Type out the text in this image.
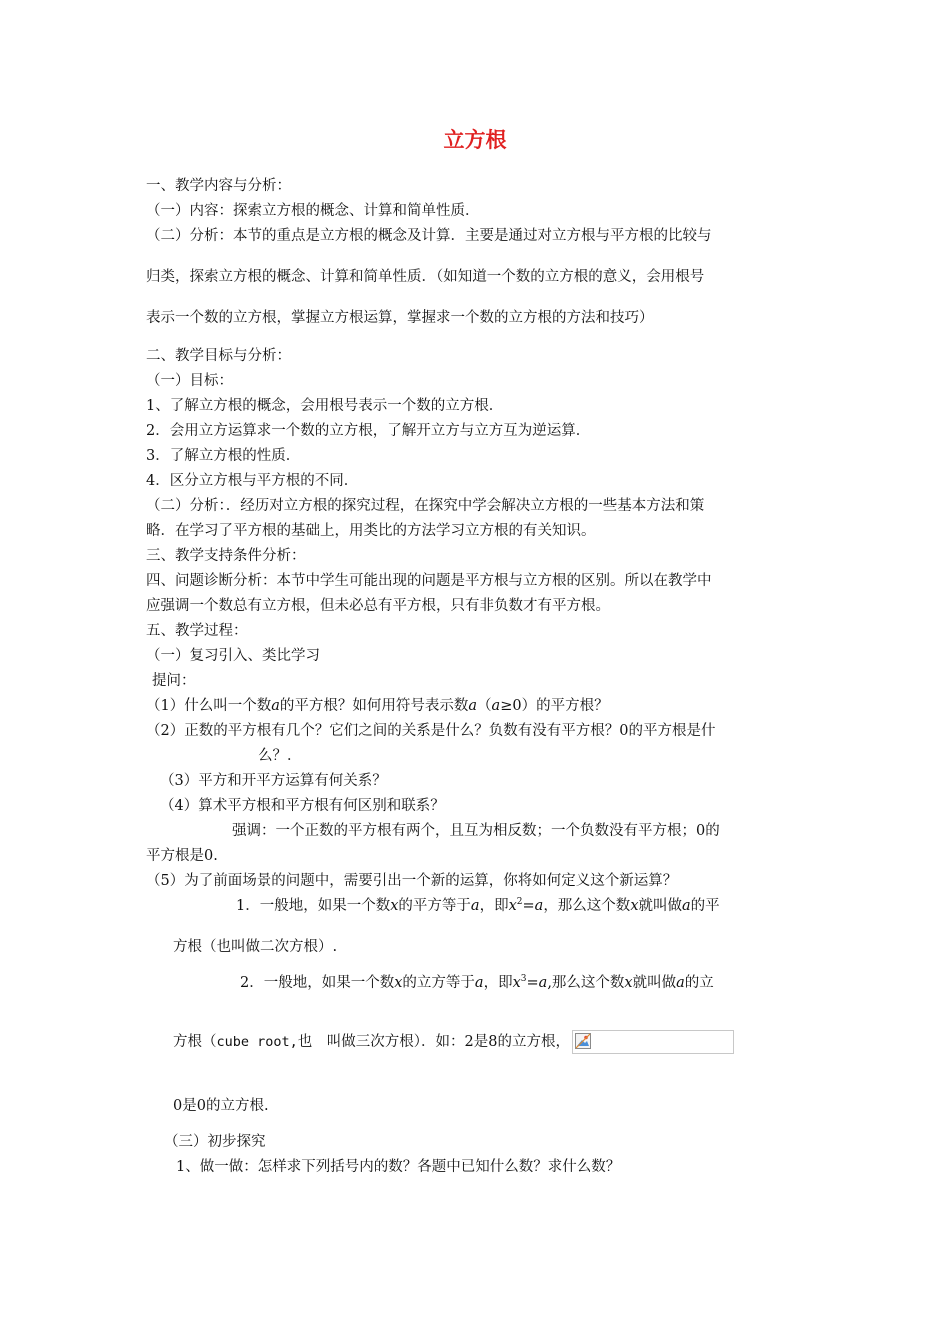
立方根
一、教学内容与分析：
（一）内容：探索立方根的概念、计算和简单性质．
（二）分析：本节的重点是立方根的概念及计算．主要是通过对立方根与平方根的比较与
归类，探索立方根的概念、计算和简单性质．（如知道一个数的立方根的意义，会用根号
表示一个数的立方根，掌握立方根运算，掌握求一个数的立方根的方法和技巧）
二、教学目标与分析：
（一）目标：
1、了解立方根的概念，会用根号表示一个数的立方根．
2．会用立方运算求一个数的立方根，了解开立方与立方互为逆运算．
3．了解立方根的性质．
4．区分立方根与平方根的不同．
（二）分析：．经历对立方根的探究过程，在探究中学会解决立方根的一些基本方法和策
略．在学习了平方根的基础上，用类比的方法学习立方根的有关知识。
三、教学支持条件分析：
四、问题诊断分析：本节中学生可能出现的问题是平方根与立方根的区别。所以在教学中
应强调一个数总有立方根，但未必总有平方根，只有非负数才有平方根。
五、教学过程：
（一）复习引入、类比学习
提问：
（1）什么叫一个数a的平方根？如何用符号表示数a（a≥0）的平方根？
（2）正数的平方根有几个？它们之间的关系是什么？负数有没有平方根？0的平方根是什
么？．
（3）平方和开平方运算有何关系？
（4）算术平方根和平方根有何区别和联系？
强调：一个正数的平方根有两个，且互为相反数；一个负数没有平方根；0的
平方根是0.
（5）为了前面场景的问题中，需要引出一个新的运算，你将如何定义这个新运算？
1．一般地，如果一个数x的平方等于a，即$x^2=a$，那么这个数x就叫做a的平
方根（也叫做二次方根）.
2．一般地，如果一个数x的立方等于a，即$x^3=a$,那么这个数x就叫做a的立
方根（cube root,也　叫做三次方根）．如：2是8的立方根，
0是0的立方根.
（三）初步探究
1、做一做：怎样求下列括号内的数？各题中已知什么数？求什么数？
